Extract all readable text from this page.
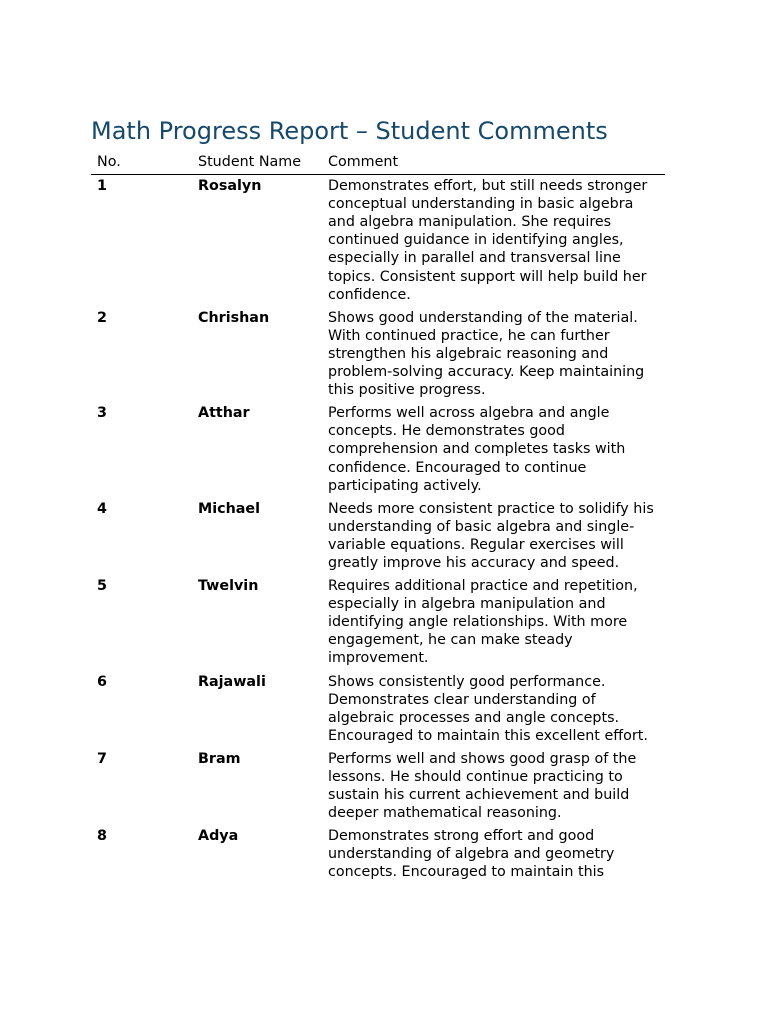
Math Progress Report – Student Comments
No.	Student Name	Comment
1	Rosalyn	Demonstrates effort, but still needs stronger conceptual understanding in basic algebra and algebra manipulation. She requires continued guidance in identifying angles, especially in parallel and transversal line topics. Consistent support will help build her confidence.
2	Chrishan	Shows good understanding of the material. With continued practice, he can further strengthen his algebraic reasoning and problem-solving accuracy. Keep maintaining this positive progress.
3	Atthar	Performs well across algebra and angle concepts. He demonstrates good comprehension and completes tasks with confidence. Encouraged to continue participating actively.
4	Michael	Needs more consistent practice to solidify his understanding of basic algebra and single-variable equations. Regular exercises will greatly improve his accuracy and speed.
5	Twelvin	Requires additional practice and repetition, especially in algebra manipulation and identifying angle relationships. With more engagement, he can make steady improvement.
6	Rajawali	Shows consistently good performance. Demonstrates clear understanding of algebraic processes and angle concepts. Encouraged to maintain this excellent effort.
7	Bram	Performs well and shows good grasp of the lessons. He should continue practicing to sustain his current achievement and build deeper mathematical reasoning.
8	Adya	Demonstrates strong effort and good understanding of algebra and geometry concepts. Encouraged to maintain this
